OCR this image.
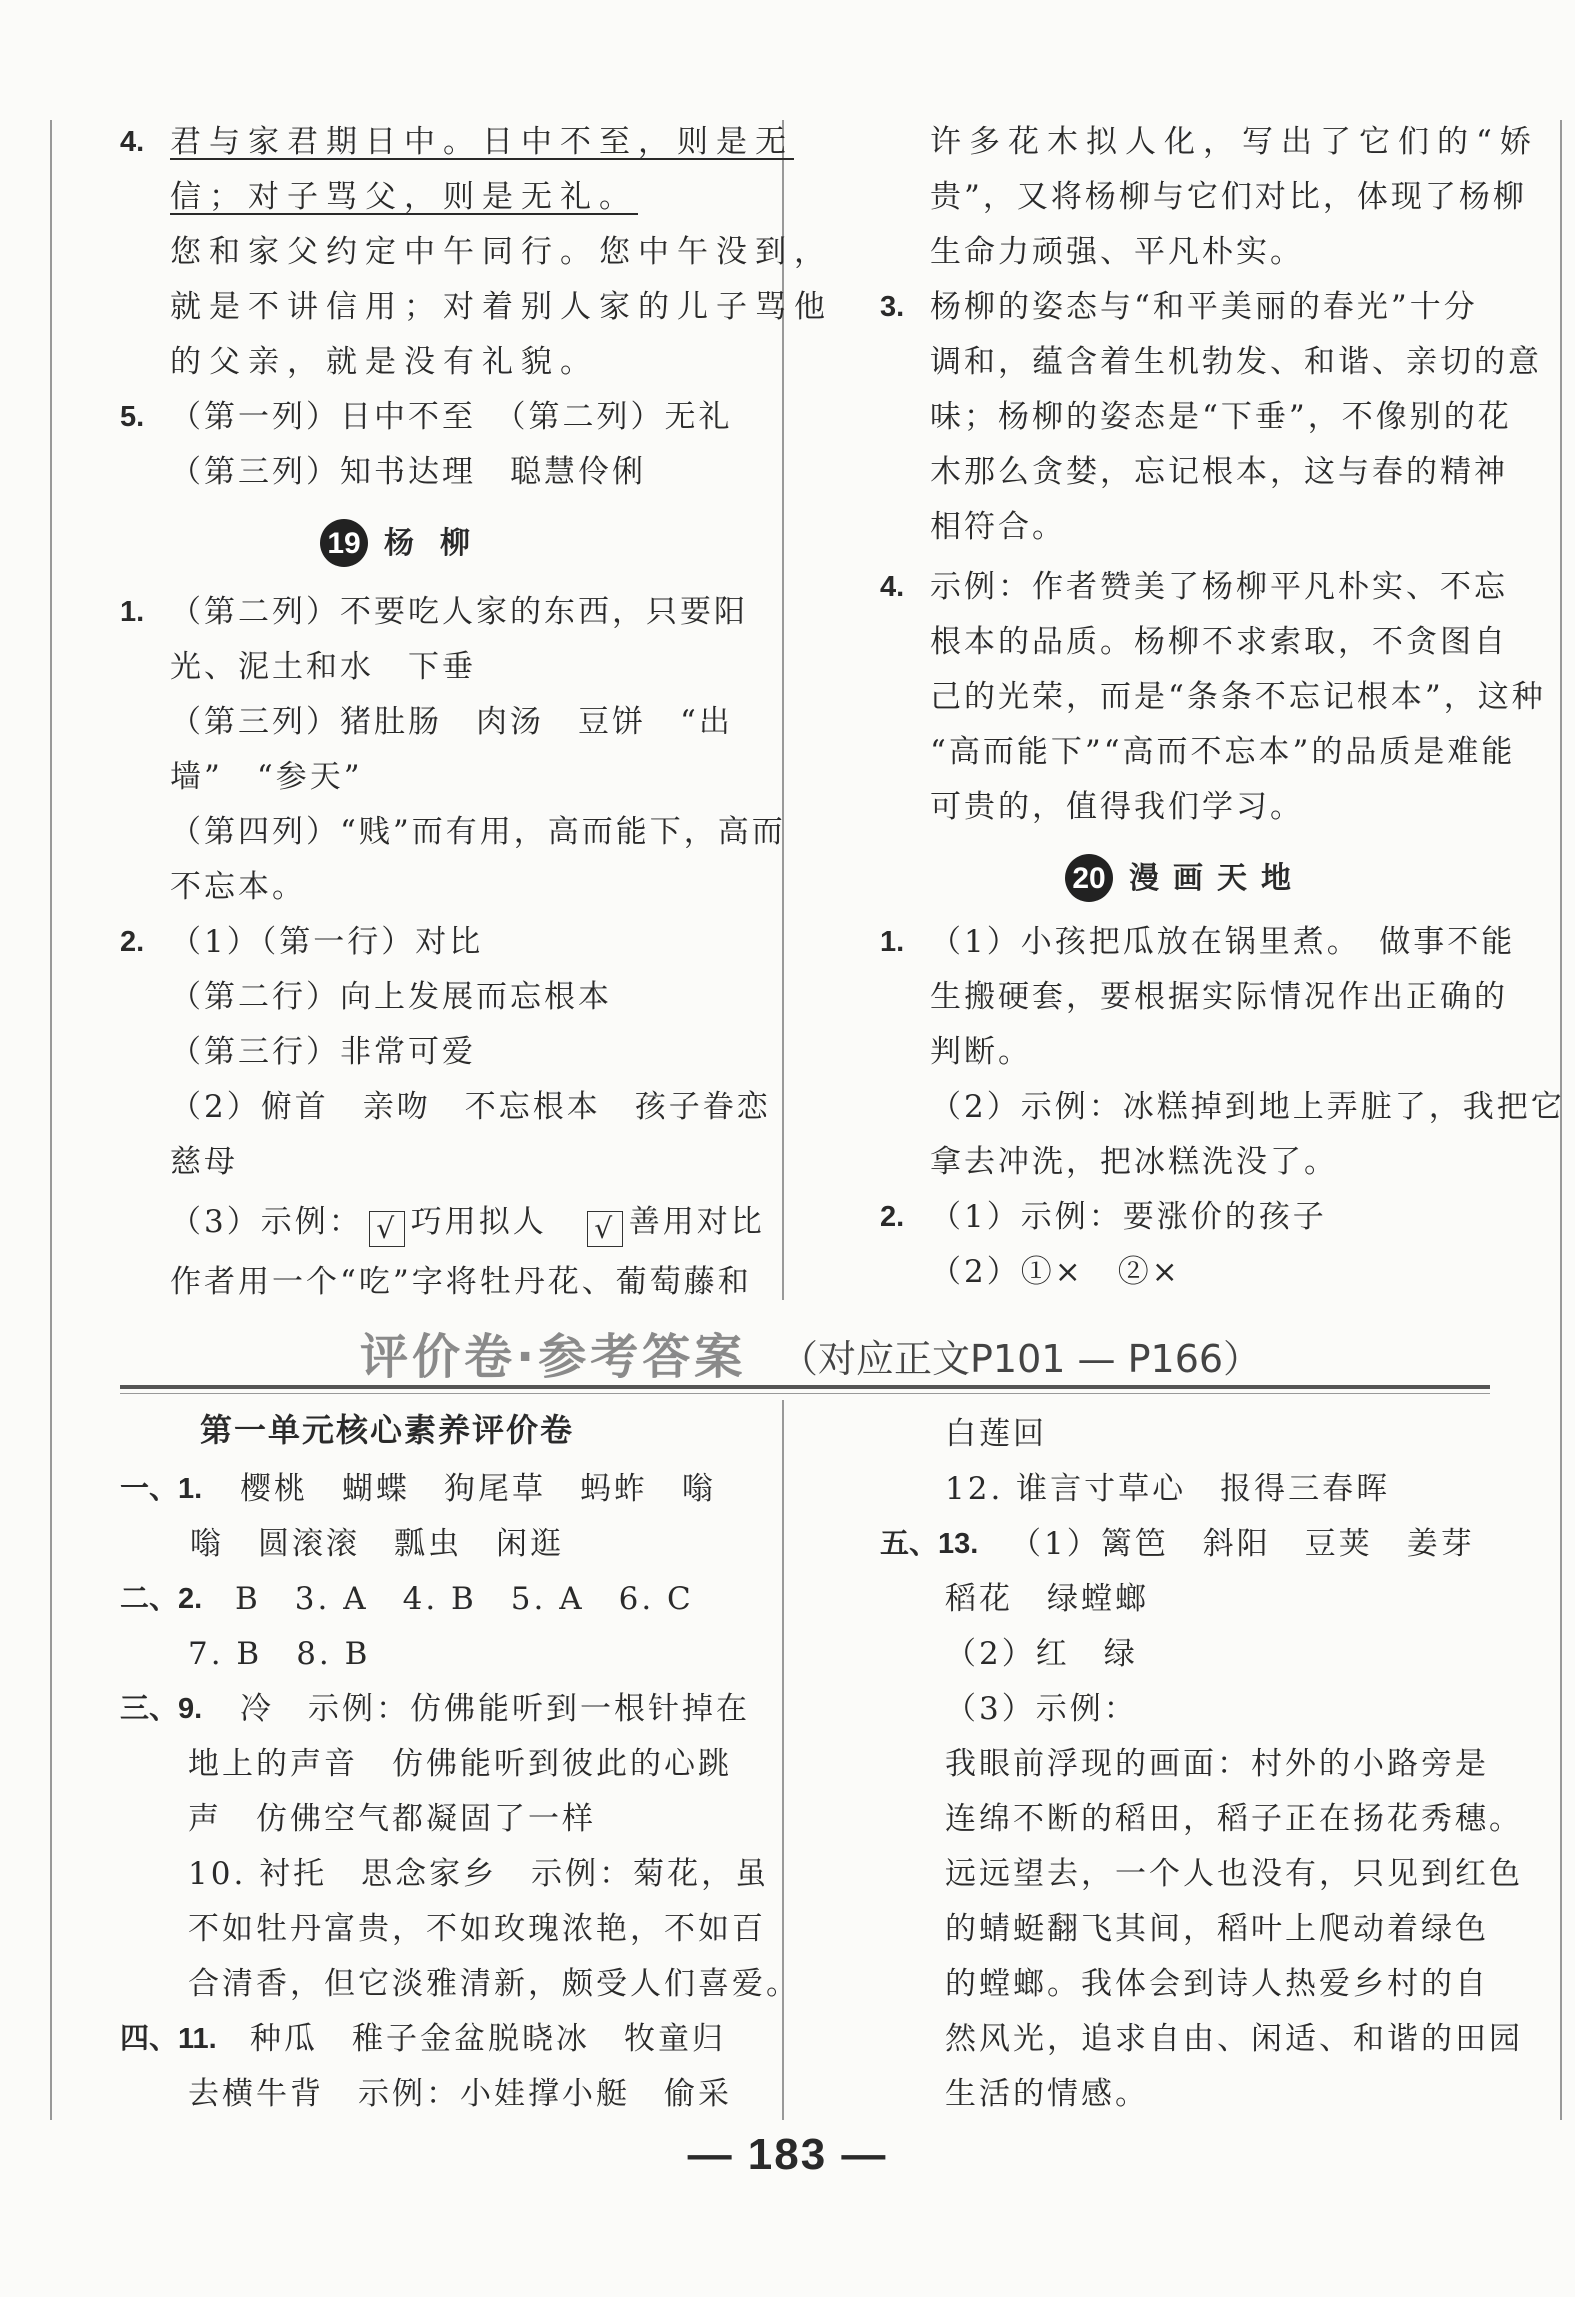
4. 君与家君期日中。日中不至，则是无
信；对子骂父，则是无礼。
您和家父约定中午同行。您中午没到，
就是不讲信用；对着别人家的儿子骂他
的父亲，就是没有礼貌。
5. （第一列）日中不至　（第二列）无礼
（第三列）知书达理　聪慧伶俐
19 杨柳
1. （第二列）不要吃人家的东西，只要阳
光、泥土和水　下垂
（第三列）猪肚肠　肉汤　豆饼　“出
墙”　“参天”
（第四列）“贱”而有用，高而能下，高而
不忘本。
2. （1）（第一行）对比
（第二行）向上发展而忘根本
（第三行）非常可爱
（2）俯首　亲吻　不忘根本　孩子眷恋
慈母
（3）示例： √ 巧用拟人　 √ 善用对比
作者用一个“吃”字将牡丹花、葡萄藤和
许多花木拟人化，写出了它们的“娇
贵”，又将杨柳与它们对比，体现了杨柳
生命力顽强、平凡朴实。
3. 杨柳的姿态与“和平美丽的春光”十分
调和，蕴含着生机勃发、和谐、亲切的意
味；杨柳的姿态是“下垂”，不像别的花
木那么贪婪，忘记根本，这与春的精神
相符合。
4. 示例：作者赞美了杨柳平凡朴实、不忘
根本的品质。杨柳不求索取，不贪图自
己的光荣，而是“条条不忘记根本”，这种
“高而能下”“高而不忘本”的品质是难能
可贵的，值得我们学习。
20 漫画天地
1. （1）小孩把瓜放在锅里煮。　做事不能
生搬硬套，要根据实际情况作出正确的
判断。
（2）示例：冰糕掉到地上弄脏了，我把它
拿去冲洗，把冰糕洗没了。
2. （1）示例：要涨价的孩子
（2）①×　②×
评价卷·参考答案 （对应正文P101 — P166）
第一单元核心素养评价卷
一、1. 樱桃　蝴蝶　狗尾草　蚂蚱　嗡
嗡　圆滚滚　瓢虫　闲逛
二、2. B　3. A　4. B　5. A　6. C
7. B　8. B
三、9. 冷　示例：仿佛能听到一根针掉在
地上的声音　仿佛能听到彼此的心跳
声　仿佛空气都凝固了一样
10. 衬托　思念家乡　示例：菊花，虽
不如牡丹富贵，不如玫瑰浓艳，不如百
合清香，但它淡雅清新，颇受人们喜爱。
四、11. 种瓜　稚子金盆脱晓冰　牧童归
去横牛背　示例：小娃撑小艇　偷采
白莲回
12. 谁言寸草心　报得三春晖
五、13. （1）篱笆　斜阳　豆荚　姜芽
稻花　绿螳螂
（2）红　绿
（3）示例：
我眼前浮现的画面：村外的小路旁是
连绵不断的稻田，稻子正在扬花秀穗。
远远望去，一个人也没有，只见到红色
的蜻蜓翻飞其间，稻叶上爬动着绿色
的螳螂。我体会到诗人热爱乡村的自
然风光，追求自由、闲适、和谐的田园
生活的情感。
— 183 —
